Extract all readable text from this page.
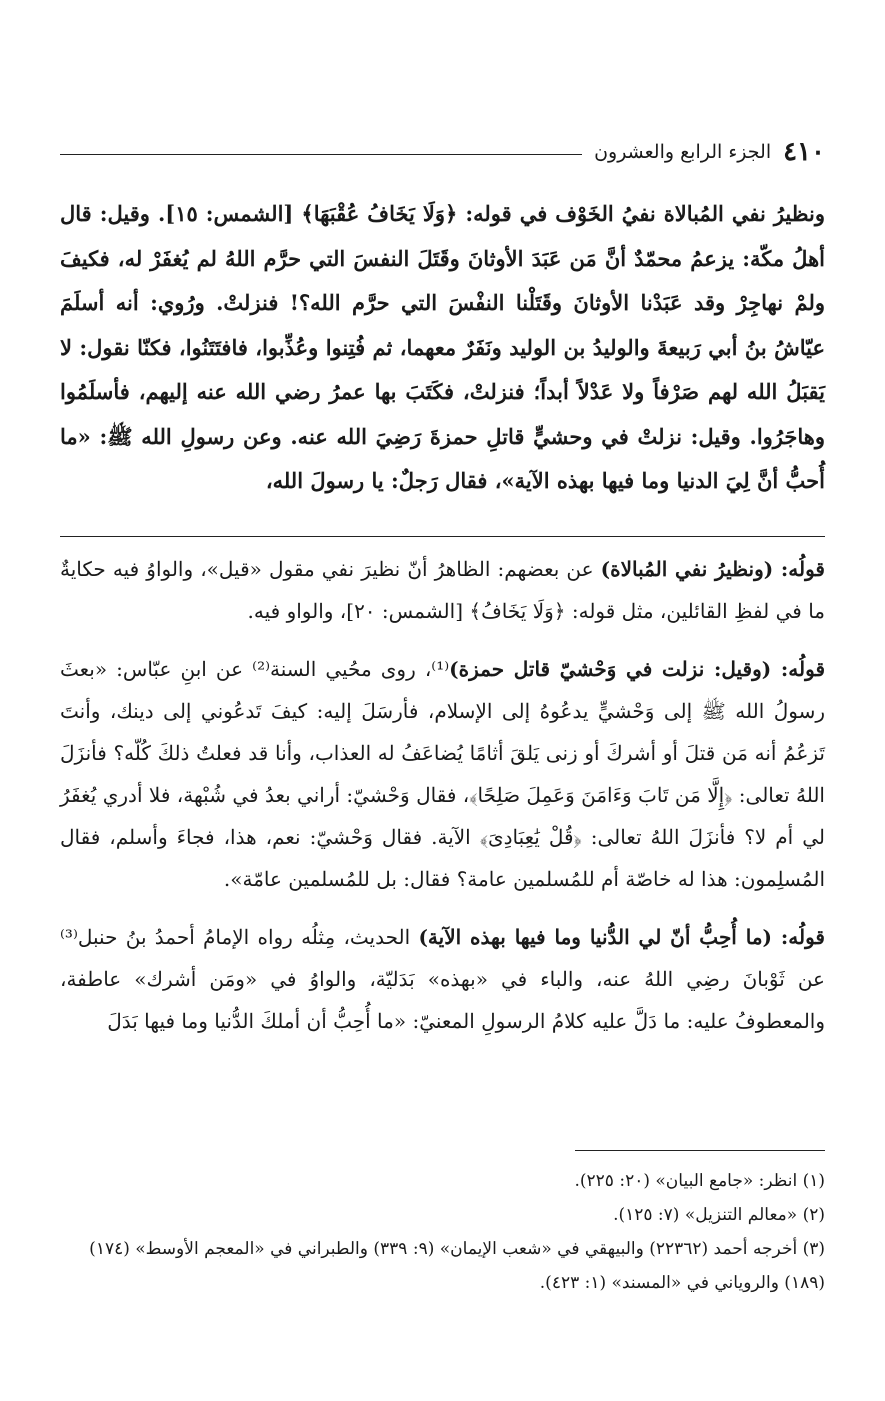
٤١٠
الجزء الرابع والعشرون

ونظيرُ نفي المُبالاة نفيُ الخَوْف في قوله: ﴿وَلَا يَخَافُ عُقْبَهَا﴾ [الشمس: ١٥]. وقيل: قال أهلُ مكّة: يزعمُ محمّدٌ أنَّ مَن عَبَدَ الأوثانَ وقَتَلَ النفسَ التي حرَّم اللهُ لم يُغفَرْ له، فكيفَ ولمْ نهاجِرْ وقد عَبَدْنا الأوثانَ وقَتَلْنا النفْسَ التي حرَّم الله؟! فنزلتْ. ورُوي: أنه أسلَمَ عيّاشُ بنُ أبي رَبيعةَ والوليدُ بن الوليد ونَفَرٌ معهما، ثم فُتِنوا وعُذِّبوا، فافتَتَنُوا، فكنّا نقول: لا يَقبَلُ الله لهم صَرْفاً ولا عَدْلاً أبداً؛ فنزلتْ، فكَتَبَ بها عمرُ رضي الله عنه إليهم، فأسلَمُوا وهاجَرُوا. وقيل: نزلتْ في وحشيٍّ قاتلِ حمزةَ رَضِيَ الله عنه. وعن رسولِ الله ﷺ: «ما أُحبُّ أنَّ لِيَ الدنيا وما فيها بهذه الآية»، فقال رَجلٌ: يا رسولَ الله،

قولُه: (ونظيرُ نفي المُبالاة) عن بعضهم: الظاهرُ أنّ نظيرَ نفي مقول «قيل»، والواوُ فيه حكايةٌ ما في لفظِ القائلين، مثل قوله: ﴿وَلَا يَخَافُ﴾ [الشمس: ٢٠]، والواو فيه.

قولُه: (وقيل: نزلت في وَحْشيّ قاتل حمزة)⁽¹⁾، روى محُيي السنة⁽²⁾ عن ابنِ عبّاس: «بعثَ رسولُ الله ﷺ إلى وَحْشيٍّ يدعُوهُ إلى الإسلام، فأرسَلَ إليه: كيفَ تَدعُوني إلى دينك، وأنتَ تَزعُمُ أنه مَن قتلَ أو أشركَ أو زنى يَلقَ أثامًا يُضاعَفُ له العذاب، وأنا قد فعلتُ ذلكَ كُلّه؟ فأنزَلَ اللهُ تعالى: ﴿إِلَّا مَن تَابَ وَءَامَنَ وَعَمِلَ صَلِحًا﴾، فقال وَحْشيّ: أراني بعدُ في شُبْهة، فلا أدري يُغفَرُ لي أم لا؟ فأنزَلَ اللهُ تعالى: ﴿قُلْ يَٰعِبَادِىَ﴾ الآية. فقال وَحْشيّ: نعم، هذا، فجاءَ وأسلم، فقال المُسلِمون: هذا له خاصّة أم للمُسلمين عامة؟ فقال: بل للمُسلمين عامّة».

قولُه: (ما أُحِبُّ أنّ لي الدُّنيا وما فيها بهذه الآية) الحديث، مِثلُه رواه الإمامُ أحمدُ بنُ حنبل⁽³⁾ عن ثَوْبانَ رضِي اللهُ عنه، والباء في «بهذه» بَدَليّة، والواوُ في «ومَن أشرك» عاطفة، والمعطوفُ عليه: ما دَلَّ عليه كلامُ الرسولِ المعنيّ: «ما أُحِبُّ أن أملكَ الدُّنيا وما فيها بَدَلَ

(١) انظر: «جامع البيان» (٢٠: ٢٢٥).

(٢) «معالم التنزيل» (٧: ١٢٥).

(٣) أخرجه أحمد (٢٢٣٦٢) والبيهقي في «شعب الإيمان» (٩: ٣٣٩) والطبراني في «المعجم الأوسط» (١٧٤) (١٨٩) والروياني في «المسند» (١: ٤٢٣).
